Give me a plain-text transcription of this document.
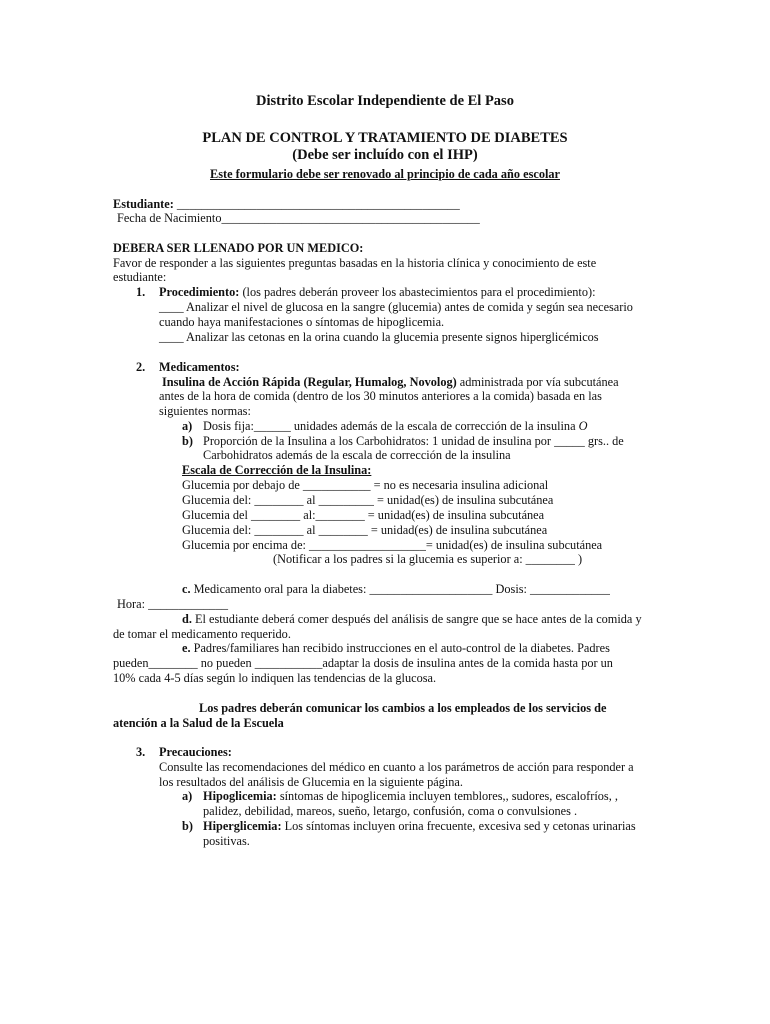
Distrito Escolar Independiente de El Paso
PLAN DE CONTROL Y TRATAMIENTO DE DIABETES
(Debe ser incluído con el IHP)
Este formulario debe ser renovado al principio de cada año escolar
Estudiante: ______________________________________________
Fecha de Nacimiento__________________________________________
DEBERA SER LLENADO POR UN MEDICO:
Favor de responder a las siguientes preguntas basadas en la historia clínica y conocimiento de este
estudiante:
1. Procedimiento: (los padres deberán proveer los abastecimientos para el procedimiento):
____ Analizar el nivel de glucosa en la sangre (glucemia) antes de comida y según sea necesario
cuando haya manifestaciones o síntomas de hipoglicemia.
____ Analizar las cetonas en la orina cuando la glucemia presente signos hiperglicémicos
2. Medicamentos:
Insulina de Acción Rápida (Regular, Humalog, Novolog) administrada por vía subcutánea
antes de la hora de comida (dentro de los 30 minutos anteriores a la comida) basada en las
siguientes normas:
a) Dosis fija:______ unidades además de la escala de corrección de la insulina O
b) Proporción de la Insulina a los Carbohidratos: 1 unidad de insulina por _____ grs.. de
Carbohidratos además de la escala de corrección de la insulina
Escala de Corrección de la Insulina:
Glucemia por debajo de ___________ = no es necesaria insulina adicional
Glucemia del: ________ al _________ = unidad(es) de insulina subcutánea
Glucemia del ________ al:________ = unidad(es) de insulina subcutánea
Glucemia del: ________ al ________ = unidad(es) de insulina subcutánea
Glucemia por encima de: ___________________= unidad(es) de insulina subcutánea
(Notificar a los padres si la glucemia es superior a: ________ )
c. Medicamento oral para la diabetes: ____________________ Dosis: _____________
Hora: _____________
d. El estudiante deberá comer después del análisis de sangre que se hace antes de la comida y
de tomar el medicamento requerido.
e. Padres/familiares han recibido instrucciones en el auto-control de la diabetes. Padres
pueden________ no pueden ___________adaptar la dosis de insulina antes de la comida hasta por un
10% cada 4-5 días según lo indiquen las tendencias de la glucosa.
Los padres deberán comunicar los cambios a los empleados de los servicios de
atención a la Salud de la Escuela
3. Precauciones:
Consulte las recomendaciones del médico en cuanto a los parámetros de acción para responder a
los resultados del análisis de Glucemia en la siguiente página.
a) Hipoglicemia: síntomas de hipoglicemia incluyen temblores,, sudores, escalofríos, ,
palidez, debilidad, mareos, sueño, letargo, confusión, coma o convulsiones .
b) Hiperglicemia: Los síntomas incluyen orina frecuente, excesiva sed y cetonas urinarias
positivas.
